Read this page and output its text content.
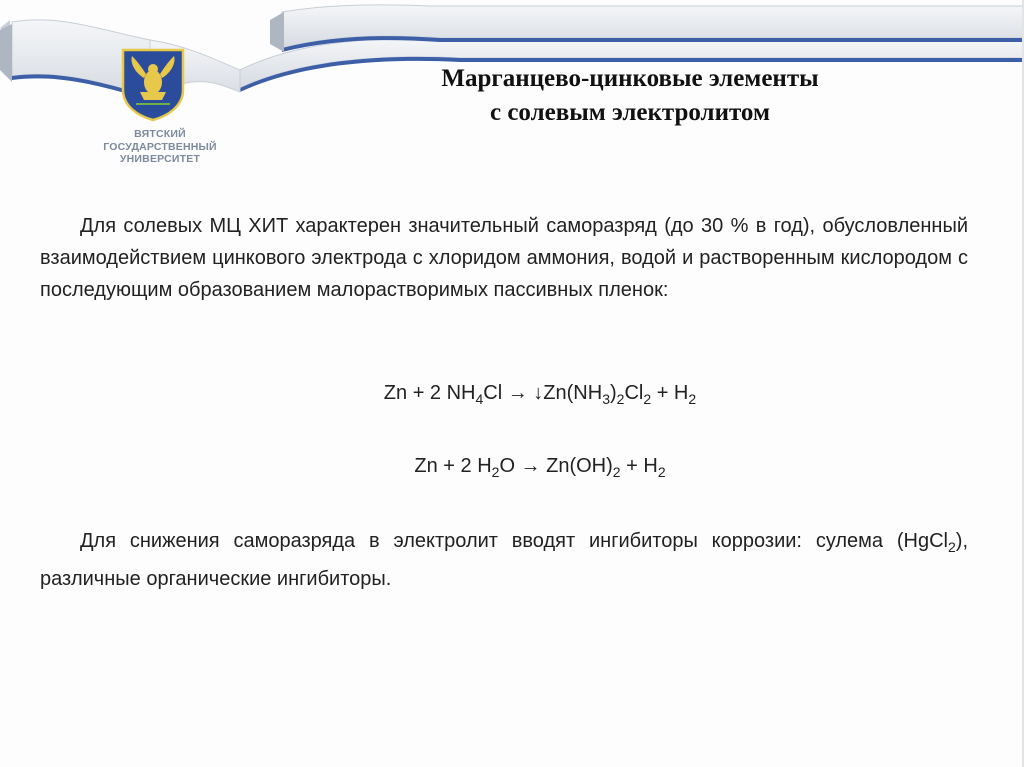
ВЯТСКИЙ
ГОСУДАРСТВЕННЫЙ
УНИВЕРСИТЕТ
Марганцево-цинковые элементы
с солевым электролитом

Для солевых МЦ ХИТ характерен значительный саморазряд (до 30 % в год), обусловленный взаимодействием цинкового электрода с хлоридом аммония, водой и растворенным кислородом с последующим образованием малорастворимых пассивных пленок:

Zn + 2 $NH_4Cl$ → $↓Zn(NH_3)_2Cl_2 + H_2$
Zn + 2 $H_2O \to Zn(OH)_2 + H_2$

Для снижения саморазряда в электролит вводят ингибиторы коррозии: сулема (HgCl$_2$), различные органические ингибиторы.
